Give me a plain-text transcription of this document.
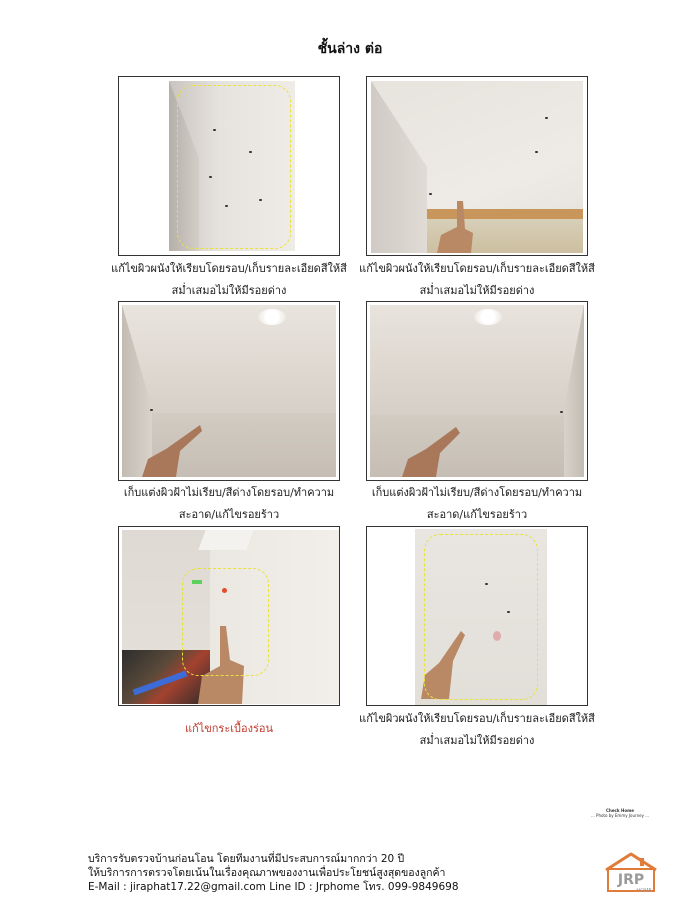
ชั้นล่าง ต่อ
แก้ไขผิวผนังให้เรียบโดยรอบ/เก็บรายละเอียดสีให้สี
สม่ำเสมอไม่ให้มีรอยด่าง
แก้ไขผิวผนังให้เรียบโดยรอบ/เก็บรายละเอียดสีให้สี
สม่ำเสมอไม่ให้มีรอยด่าง
เก็บแต่งผิวฝ้าไม่เรียบ/สีด่างโดยรอบ/ทำความ
สะอาด/แก้ไขรอยร้าว
เก็บแต่งผิวฝ้าไม่เรียบ/สีด่างโดยรอบ/ทำความ
สะอาด/แก้ไขรอยร้าว
แก้ไขกระเบื้องร่อน
แก้ไขผิวผนังให้เรียบโดยรอบ/เก็บรายละเอียดสีให้สี
สม่ำเสมอไม่ให้มีรอยด่าง
Check Home
... Photo by Emmy Journey ...
JRP
HOME
บริการรับตรวจบ้านก่อนโอน โดยทีมงานที่มีประสบการณ์มากกว่า 20 ปี
ให้บริการการตรวจโดยเน้นในเรื่องคุณภาพของงานเพื่อประโยชน์สูงสุดของลูกค้า
E-Mail : jiraphat17.22@gmail.com Line ID : Jrphome โทร. 099-9849698
